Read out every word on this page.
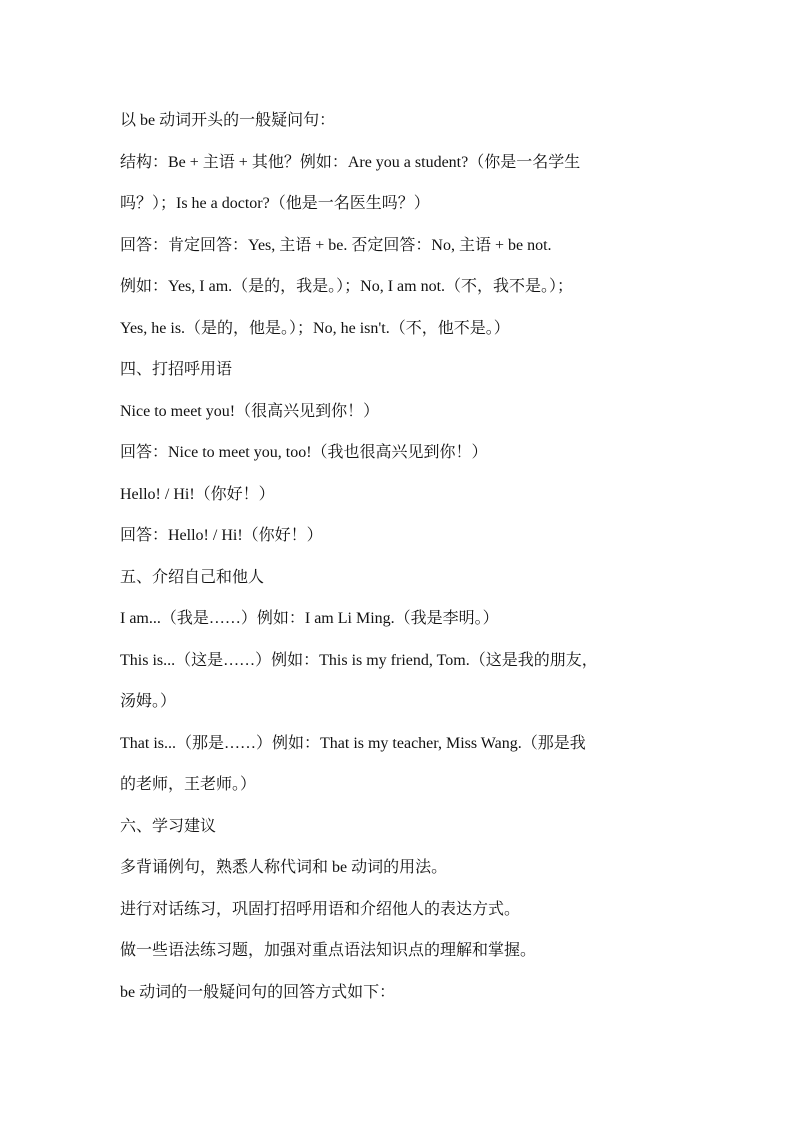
以 be 动词开头的一般疑问句：
结构：Be + 主语 + 其他？例如：Are you a student?（你是一名学生
吗？）；Is he a doctor?（他是一名医生吗？）
回答：肯定回答：Yes, 主语 + be. 否定回答：No, 主语 + be not.
例如：Yes, I am.（是的，我是。）；No, I am not.（不，我不是。）；
Yes, he is.（是的，他是。）；No, he isn't.（不，他不是。）
四、打招呼用语
Nice to meet you!（很高兴见到你！）
回答：Nice to meet you, too!（我也很高兴见到你！）
Hello! / Hi!（你好！）
回答：Hello! / Hi!（你好！）
五、介绍自己和他人
I am...（我是……）例如：I am Li Ming.（我是李明。）
This is...（这是……）例如：This is my friend, Tom.（这是我的朋友，
汤姆。）
That is...（那是……）例如：That is my teacher, Miss Wang.（那是我
的老师，王老师。）
六、学习建议
多背诵例句，熟悉人称代词和 be 动词的用法。
进行对话练习，巩固打招呼用语和介绍他人的表达方式。
做一些语法练习题，加强对重点语法知识点的理解和掌握。
be 动词的一般疑问句的回答方式如下：
